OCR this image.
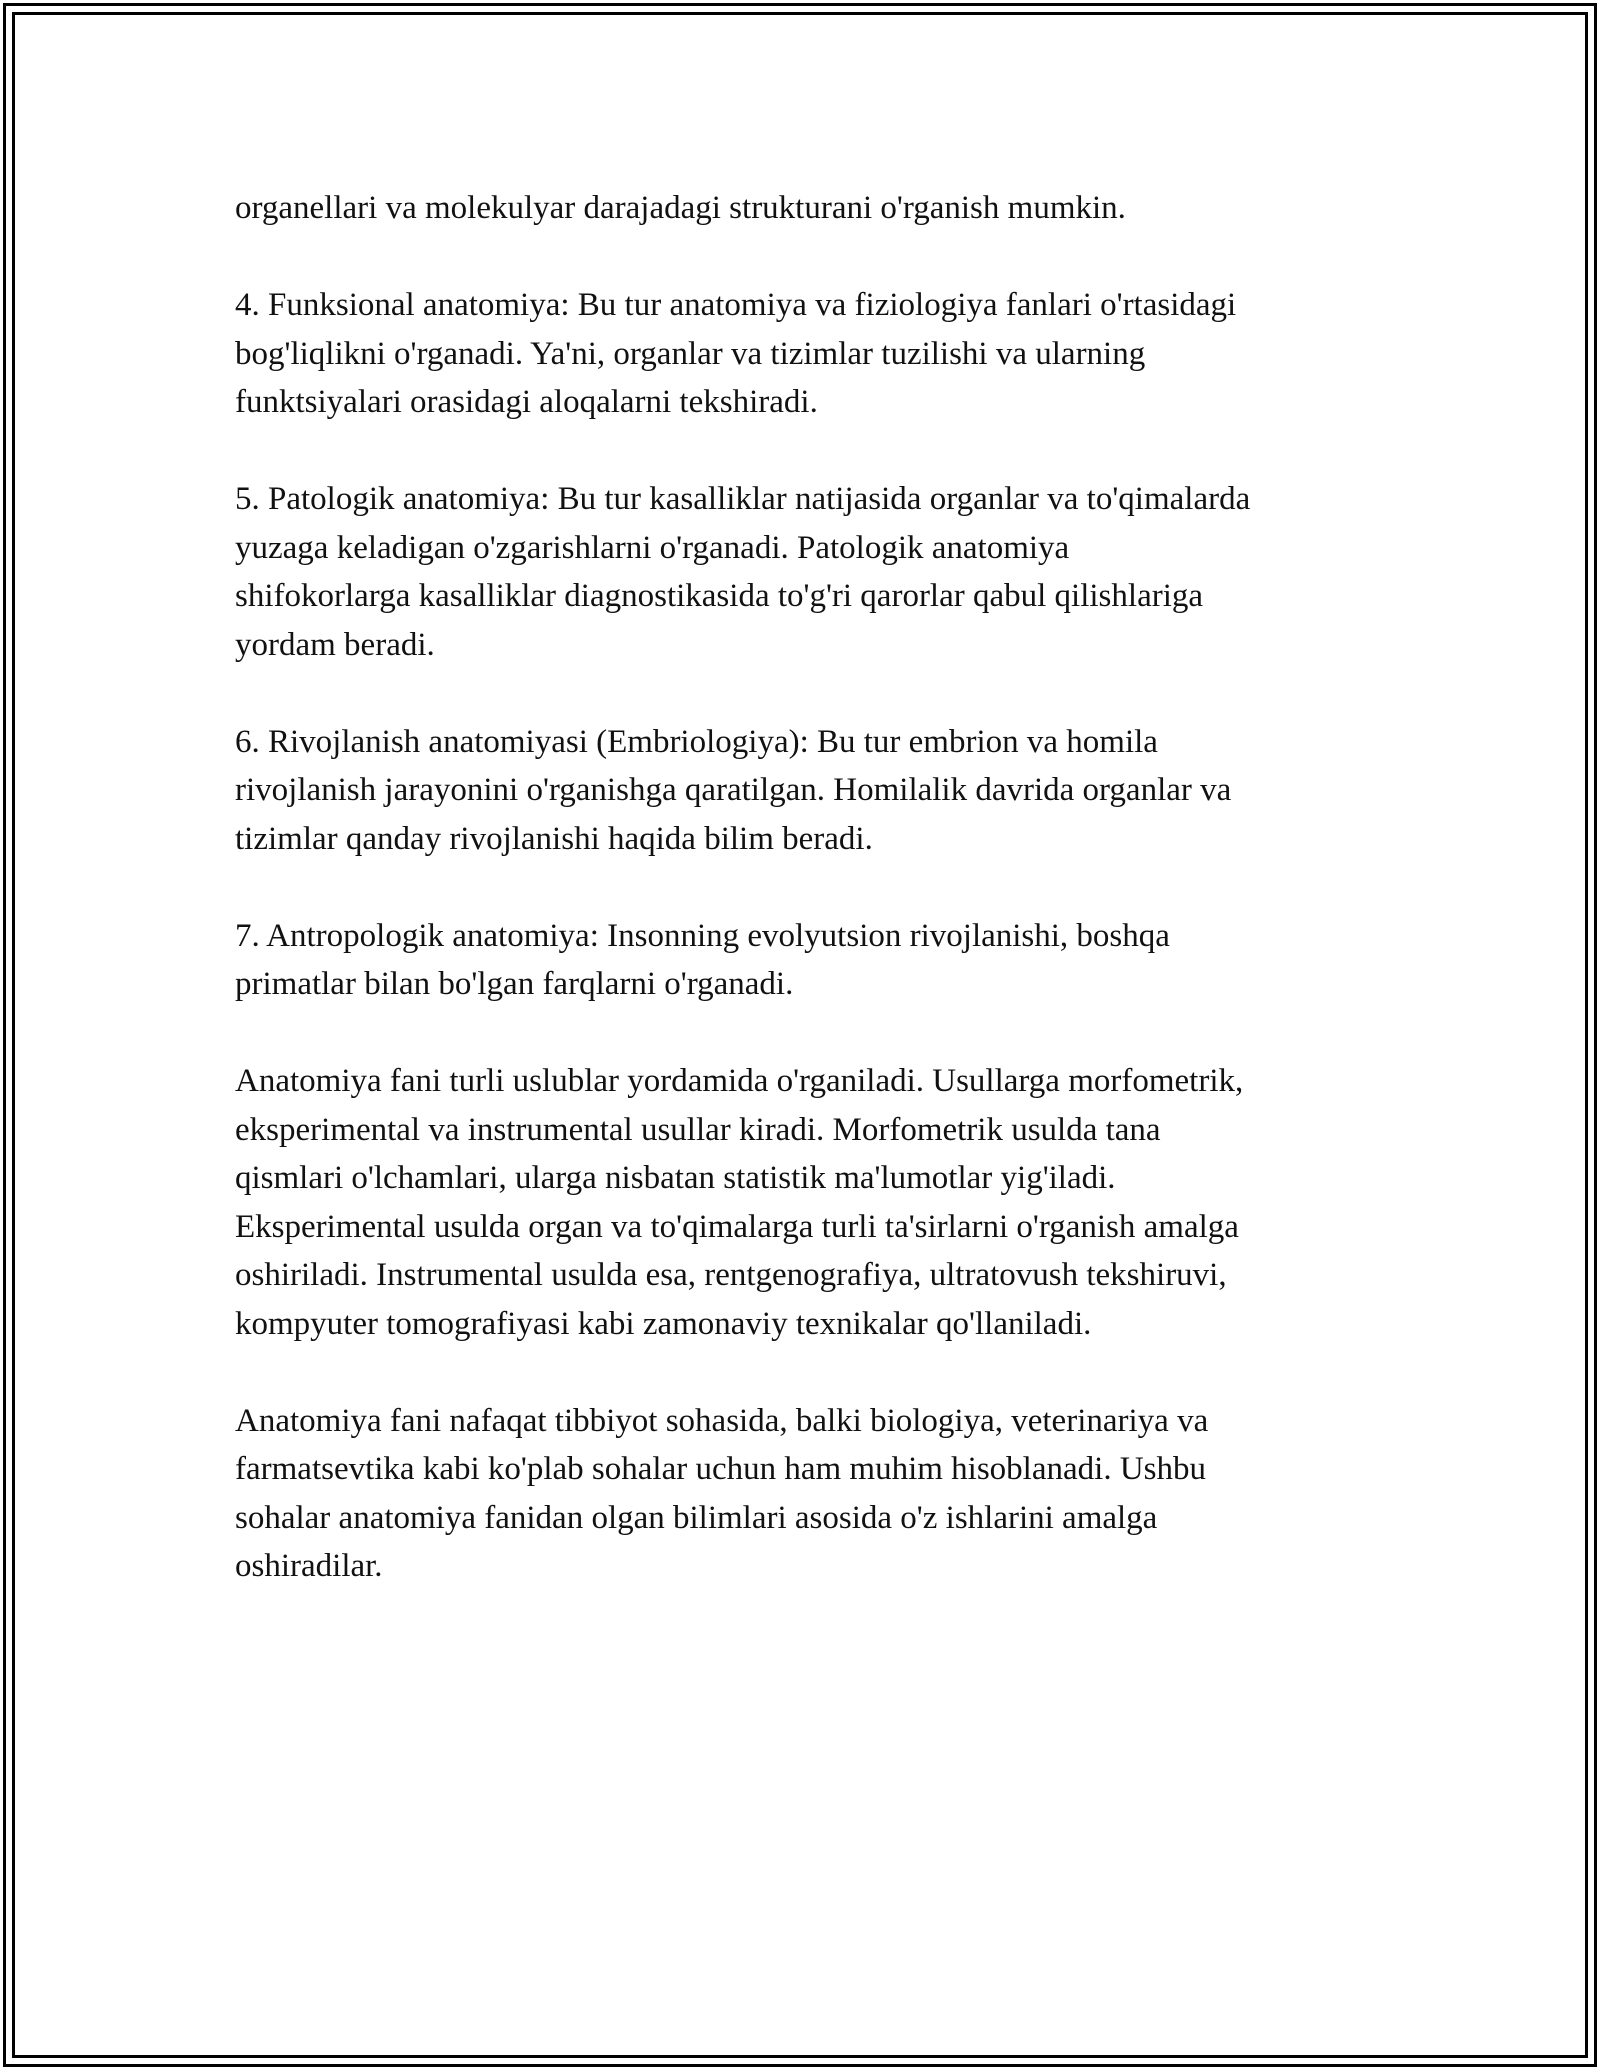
organellari va molekulyar darajadagi strukturani o'rganish mumkin.

4. Funksional anatomiya: Bu tur anatomiya va fiziologiya fanlari o'rtasidagi
bog'liqlikni o'rganadi. Ya'ni, organlar va tizimlar tuzilishi va ularning
funktsiyalari orasidagi aloqalarni tekshiradi.

5. Patologik anatomiya: Bu tur kasalliklar natijasida organlar va to'qimalarda
yuzaga keladigan o'zgarishlarni o'rganadi. Patologik anatomiya
shifokorlarga kasalliklar diagnostikasida to'g'ri qarorlar qabul qilishlariga
yordam beradi.

6. Rivojlanish anatomiyasi (Embriologiya): Bu tur embrion va homila
rivojlanish jarayonini o'rganishga qaratilgan. Homilalik davrida organlar va
tizimlar qanday rivojlanishi haqida bilim beradi.

7. Antropologik anatomiya: Insonning evolyutsion rivojlanishi, boshqa
primatlar bilan bo'lgan farqlarni o'rganadi.

Anatomiya fani turli uslublar yordamida o'rganiladi. Usullarga morfometrik,
eksperimental va instrumental usullar kiradi. Morfometrik usulda tana
qismlari o'lchamlari, ularga nisbatan statistik ma'lumotlar yig'iladi.
Eksperimental usulda organ va to'qimalarga turli ta'sirlarni o'rganish amalga
oshiriladi. Instrumental usulda esa, rentgenografiya, ultratovush tekshiruvi,
kompyuter tomografiyasi kabi zamonaviy texnikalar qo'llaniladi.

Anatomiya fani nafaqat tibbiyot sohasida, balki biologiya, veterinariya va
farmatsevtika kabi ko'plab sohalar uchun ham muhim hisoblanadi. Ushbu
sohalar anatomiya fanidan olgan bilimlari asosida o'z ishlarini amalga
oshiradilar.
